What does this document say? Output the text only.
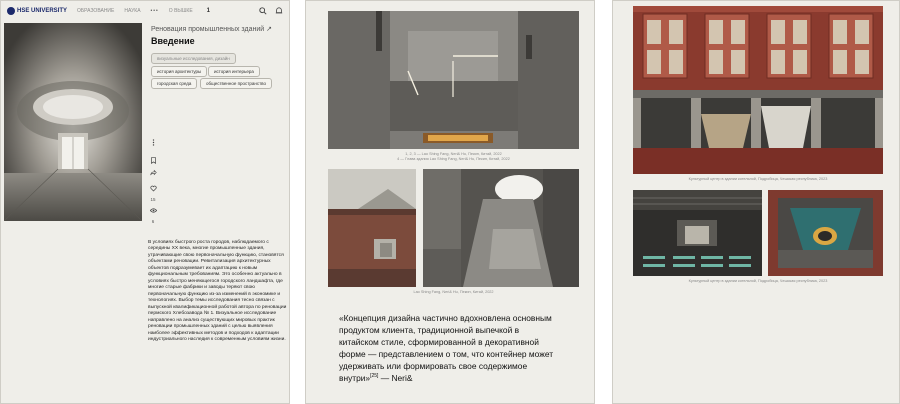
HSE UNIVERSITY ОБРАЗОВАНИЕ НАУКА ••• О ВЫШКЕ 1
Реновация промышленных зданий ↗
Введение
визуальные исследования, дизайн
история архитектуры	история интерьера
городская среда	общественное пространство
15
6

В условиях быстрого роста городов, наблюдаемого с середины XX века, многие промышленные здания, утрачивающие свою первоначальную функцию, становятся объектами реновации. Ревитализация архитектурных объектов подразумевает их адаптацию к новым функциональным требованиям. Это особенно актуально в условиях быстро меняющегося городского ландшафта, где многие старые фабрики и заводы теряют свою первоначальную функцию из-за изменений в экономике и технологиях. Выбор темы исследования тесно связан с выпускной квалификационной работой автора по реновации пермского Хлебозавода № 1. Визуальное исследование направлено на анализ существующих мировых практик реновации промышленных зданий с целью выявления наиболее эффективных методов и подходов к адаптации индустриального наследия к современным условиям жизни.

1, 2, 3 — Lao Shing Fang, Neri& Hu, Пекин, Китай, 2022
4 — Глава здания Lao Shing Fang, Neri& Hu, Пекин, Китай, 2022
Lao Shing Fang, Neri& Hu, Пекин, Китай, 2022

«Концепция дизайна частично вдохновлена основным продуктом клиента, традиционной выпечкой в китайском стиле, сформированной в декоративной форме — представлением о том, что контейнер может удерживать или формировать свое содержимое внутри»[25] — Neri&

Культурный центр в здании котельной, Подробица, Чешская республика, 2023
Культурный центр в здании котельной, Подробица, Чешская республика, 2023
